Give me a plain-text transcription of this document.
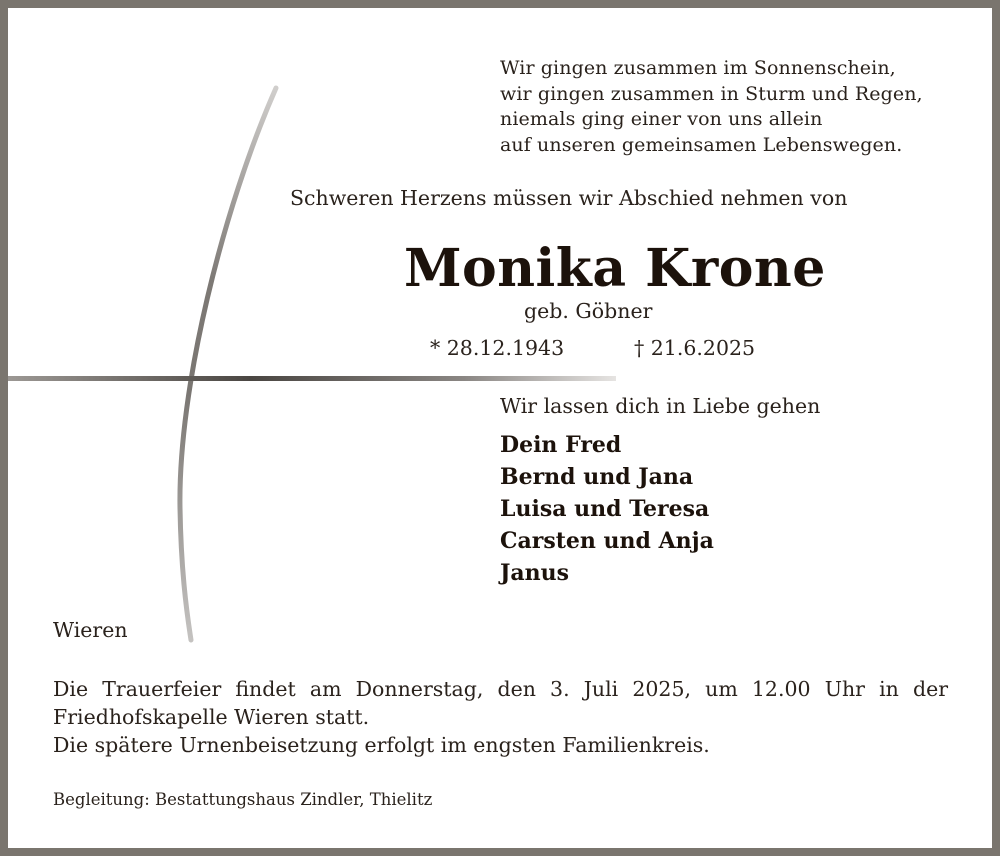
Wir gingen zusammen im Sonnenschein,
wir gingen zusammen in Sturm und Regen,
niemals ging einer von uns allein
auf unseren gemeinsamen Lebenswegen.
Schweren Herzens müssen wir Abschied nehmen von
Monika Krone
geb. Göbner
* 28.12.1943	† 21.6.2025
Wir lassen dich in Liebe gehen
Dein Fred
Bernd und Jana
Luisa und Teresa
Carsten und Anja
Janus
Wieren
Die Trauerfeier findet am Donnerstag, den 3. Juli 2025, um 12.00 Uhr in der
Friedhofskapelle Wieren statt.
Die spätere Urnenbeisetzung erfolgt im engsten Familienkreis.
Begleitung: Bestattungshaus Zindler, Thielitz
